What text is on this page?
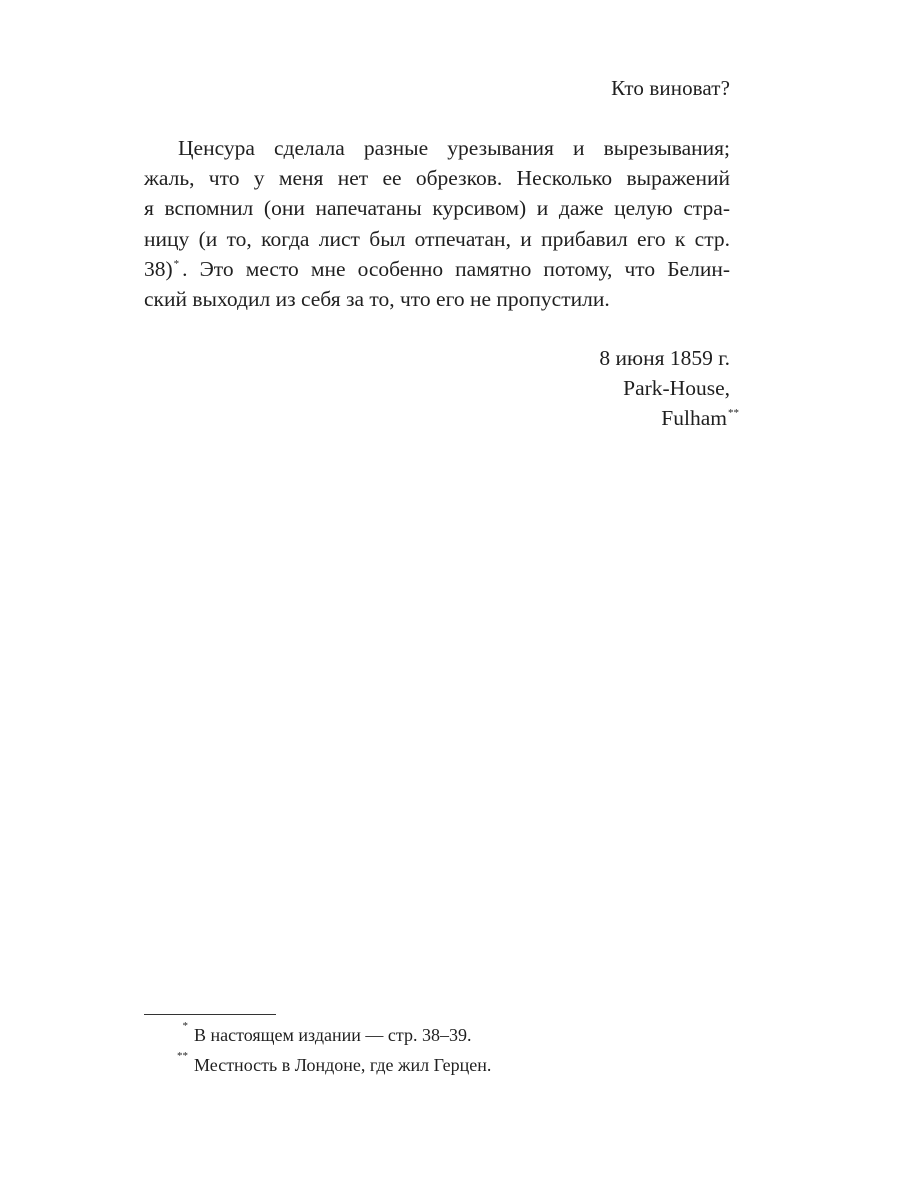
Кто виноват?
Ценсура сделала разные урезывания и вырезывания;
жаль, что у меня нет ее обрезков. Несколько выражений
я вспомнил (они напечатаны курсивом) и даже целую стра-
ницу (и то, когда лист был отпечатан, и прибавил его к стр.
38)* . Это место мне особенно памятно потому, что Белин-
ский выходил из себя за то, что его не пропустили.
8 июня 1859 г.
Park-House, Fulham**
* В настоящем издании — стр. 38–39.
** Местность в Лондоне, где жил Герцен.
